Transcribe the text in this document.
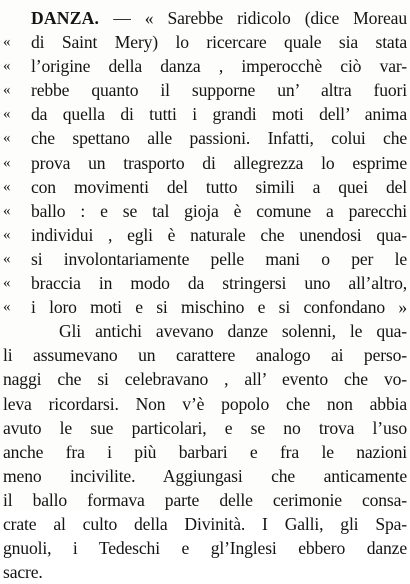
DANZA. — « Sarebbe ridicolo (dice Moreau
«	di Saint Mery) lo ricercare quale sia stata
«	l’origine della danza , imperocchè ciò var-
«	rebbe quanto il supporne un’ altra fuori
«	da quella di tutti i grandi moti dell’ anima
«	che spettano alle passioni. Infatti, colui che
«	prova un trasporto di allegrezza lo esprime
«	con movimenti del tutto simili a quei del
«	ballo : e se tal gioja è comune a parecchi
«	individui , egli è naturale che unendosi qua-
«	si involontariamente pelle mani o per le
«	braccia in modo da stringersi uno all’altro,
«	i loro moti e si mischino e si confondano »
Gli antichi avevano danze solenni, le qua-
li assumevano un carattere analogo ai perso-
naggi che si celebravano , all’ evento che vo-
leva ricordarsi. Non v’è popolo che non abbia
avuto le sue particolari, e se no trova l’uso
anche fra i più barbari e fra le nazioni
meno incivilite. Aggiungasi che anticamente
il ballo formava parte delle cerimonie consa-
crate al culto della Divinità. I Galli, gli Spa-
gnuoli, i Tedeschi e gl’Inglesi ebbero danze
sacre.
